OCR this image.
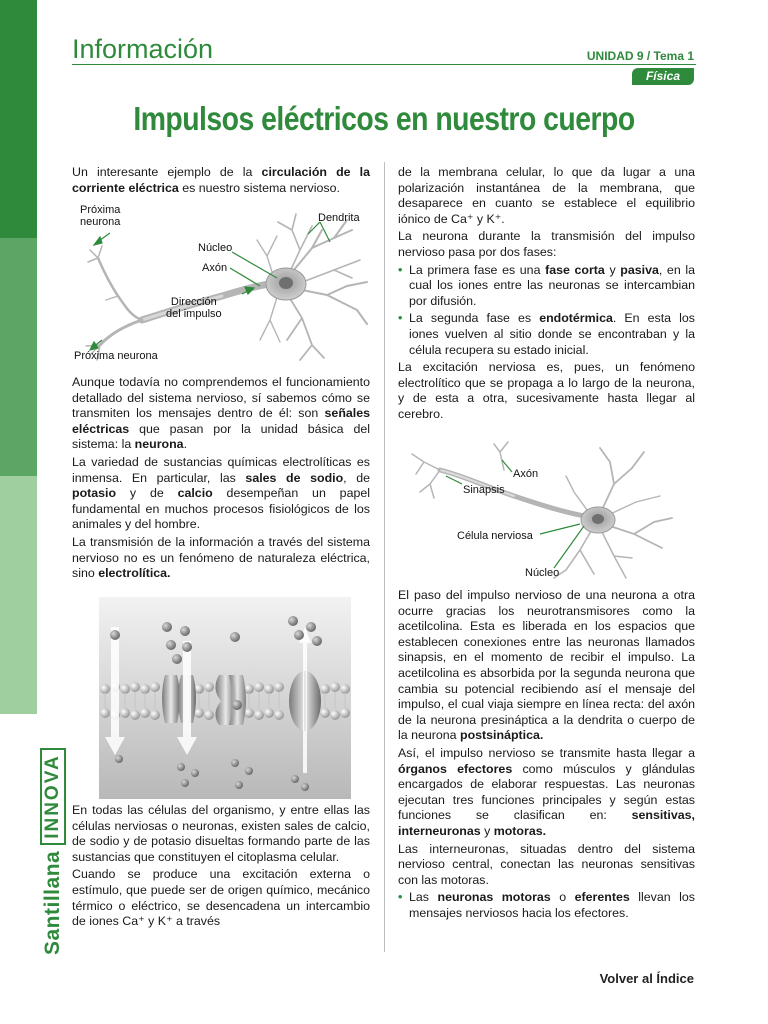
Santillana
INNOVA
Información	UNIDAD 9 / Tema 1
Física
Impulsos eléctricos en nuestro cuerpo

Un interesante ejemplo de la circulación de la corriente eléctrica es nuestro sistema nervioso.

Próxima
neurona	Dendrita
Núcleo
Axón
Dirección
del impulso
Próxima neurona

Aunque todavía no comprendemos el funcionamiento detallado del sistema nervioso, sí sabemos cómo se transmiten los mensajes dentro de él: son señales eléctricas que pasan por la unidad básica del sistema: la neurona.

La variedad de sustancias químicas electrolíticas es inmensa. En particular, las sales de sodio, de potasio y de calcio desempeñan un papel fundamental en muchos procesos fisiológicos de los animales y del hombre.

La transmisión de la información a través del sistema nervioso no es un fenómeno de naturaleza eléctrica, sino electrolítica.

En todas las células del organismo, y entre ellas las células nerviosas o neuronas, existen sales de calcio, de sodio y de potasio disueltas formando parte de las sustancias que constituyen el citoplasma celular.

Cuando se produce una excitación externa o estímulo, que puede ser de origen químico, mecánico térmico o eléctrico, se desencadena un intercambio de iones Ca⁺ y K⁺ a través

de la membrana celular, lo que da lugar a una polarización instantánea de la membrana, que desaparece en cuanto se establece el equilibrio iónico de Ca⁺ y K⁺.

La neurona durante la transmisión del impulso nervioso pasa por dos fases:

• La primera fase es una fase corta y pasiva, en la cual los iones entre las neuronas se intercambian por difusión.
• La segunda fase es endotérmica. En esta los iones vuelven al sitio donde se encontraban y la célula recupera su estado inicial.

La excitación nerviosa es, pues, un fenómeno electrolítico que se propaga a lo largo de la neurona, y de esta a otra, sucesivamente hasta llegar al cerebro.

Axón
Sinapsis
Célula nerviosa
Núcleo

El paso del impulso nervioso de una neurona a otra ocurre gracias los neurotransmisores como la acetilcolina. Esta es liberada en los espacios que establecen conexiones entre las neuronas llamados sinapsis, en el momento de recibir el impulso. La acetilcolina es absorbida por la segunda neurona que cambia su potencial recibiendo así el mensaje del impulso, el cual viaja siempre en línea recta: del axón de la neurona presináptica a la dendrita o cuerpo de la neurona postsináptica.

Así, el impulso nervioso se transmite hasta llegar a órganos efectores como músculos y glándulas encargados de elaborar respuestas. Las neuronas ejecutan tres funciones principales y según estas funciones se clasifican en: sensitivas, interneuronas y motoras.

Las interneuronas, situadas dentro del sistema nervioso central, conectan las neuronas sensitivas con las motoras.

• Las neuronas motoras o eferentes llevan los mensajes nerviosos hacia los efectores.
Volver al Índice
